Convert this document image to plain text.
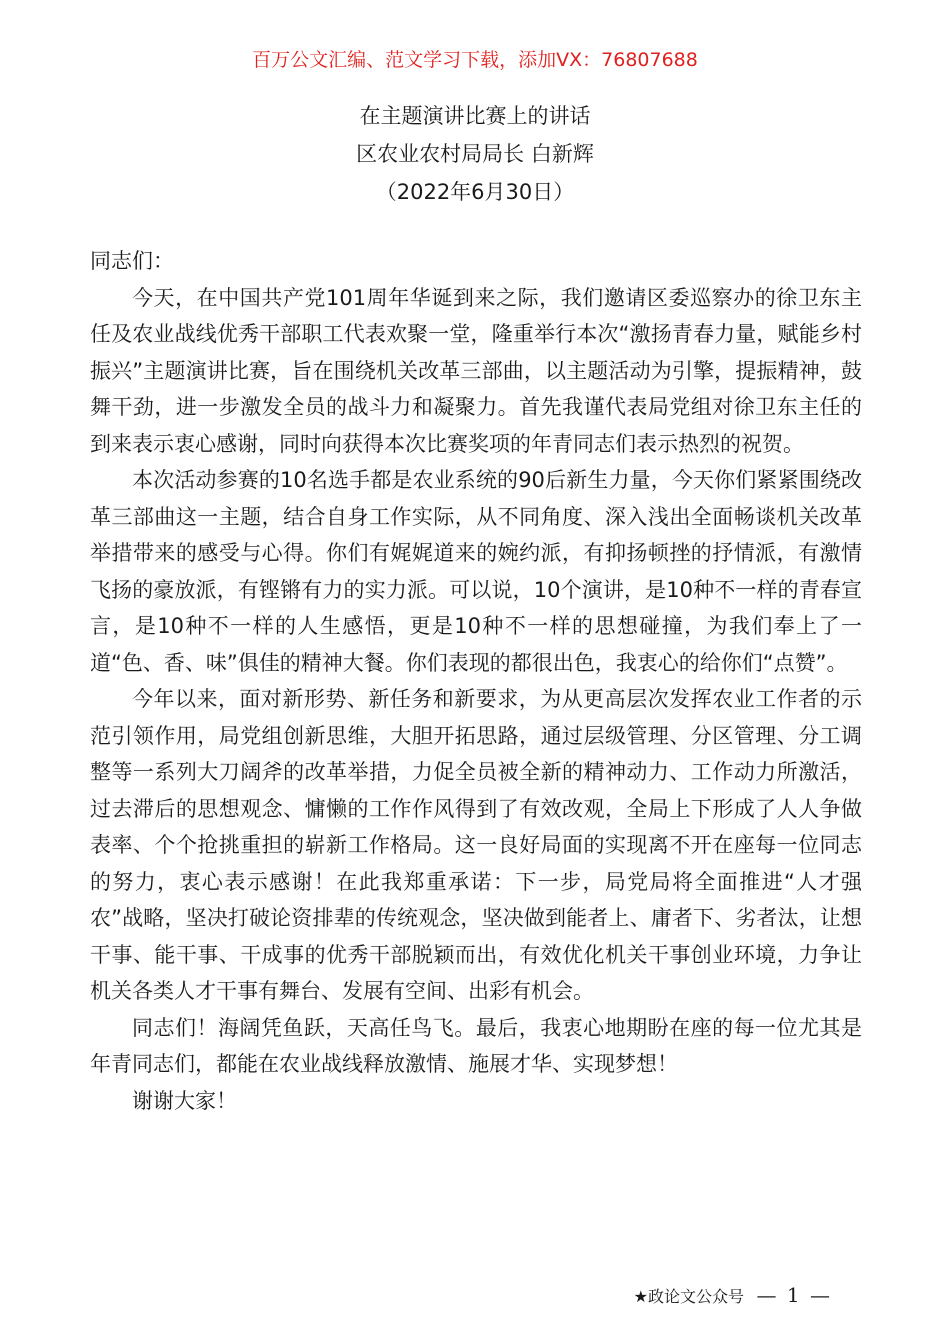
百万公文汇编、范文学习下载，添加VX：76807688
在主题演讲比赛上的讲话
区农业农村局局长 白新辉
（2022年6月30日）

同志们：

今天，在中国共产党101周年华诞到来之际，我们邀请区委巡察办的徐卫东主任及农业战线优秀干部职工代表欢聚一堂，隆重举行本次“激扬青春力量，赋能乡村振兴”主题演讲比赛，旨在围绕机关改革三部曲，以主题活动为引擎，提振精神，鼓舞干劲，进一步激发全员的战斗力和凝聚力。首先我谨代表局党组对徐卫东主任的到来表示衷心感谢，同时向获得本次比赛奖项的年青同志们表示热烈的祝贺。

本次活动参赛的10名选手都是农业系统的90后新生力量，今天你们紧紧围绕改革三部曲这一主题，结合自身工作实际，从不同角度、深入浅出全面畅谈机关改革举措带来的感受与心得。你们有娓娓道来的婉约派，有抑扬顿挫的抒情派，有激情飞扬的豪放派，有铿锵有力的实力派。可以说，10个演讲，是10种不一样的青春宣言，是10种不一样的人生感悟，更是10种不一样的思想碰撞，为我们奉上了一道“色、香、味”俱佳的精神大餐。你们表现的都很出色，我衷心的给你们“点赞”。

今年以来，面对新形势、新任务和新要求，为从更高层次发挥农业工作者的示范引领作用，局党组创新思维，大胆开拓思路，通过层级管理、分区管理、分工调整等一系列大刀阔斧的改革举措，力促全员被全新的精神动力、工作动力所激活，过去滞后的思想观念、慵懒的工作作风得到了有效改观，全局上下形成了人人争做表率、个个抢挑重担的崭新工作格局。这一良好局面的实现离不开在座每一位同志的努力，衷心表示感谢！在此我郑重承诺：下一步，局党局将全面推进“人才强农”战略，坚决打破论资排辈的传统观念，坚决做到能者上、庸者下、劣者汰，让想干事、能干事、干成事的优秀干部脱颖而出，有效优化机关干事创业环境，力争让机关各类人才干事有舞台、发展有空间、出彩有机会。

同志们！海阔凭鱼跃，天高任鸟飞。最后，我衷心地期盼在座的每一位尤其是年青同志们，都能在农业战线释放激情、施展才华、实现梦想！

谢谢大家！

★政论文公众号 — 1 —
